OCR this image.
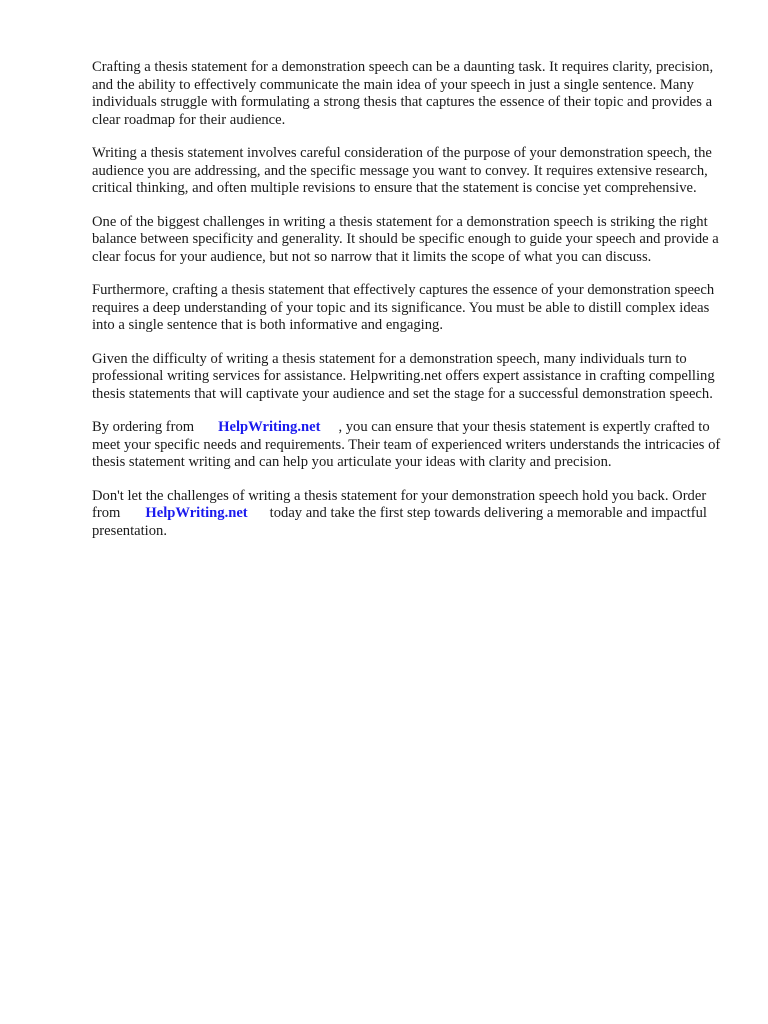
Crafting a thesis statement for a demonstration speech can be a daunting task. It requires clarity, precision, and the ability to effectively communicate the main idea of your speech in just a single sentence. Many individuals struggle with formulating a strong thesis that captures the essence of their topic and provides a clear roadmap for their audience.

Writing a thesis statement involves careful consideration of the purpose of your demonstration speech, the audience you are addressing, and the specific message you want to convey. It requires extensive research, critical thinking, and often multiple revisions to ensure that the statement is concise yet comprehensive.

One of the biggest challenges in writing a thesis statement for a demonstration speech is striking the right balance between specificity and generality. It should be specific enough to guide your speech and provide a clear focus for your audience, but not so narrow that it limits the scope of what you can discuss.

Furthermore, crafting a thesis statement that effectively captures the essence of your demonstration speech requires a deep understanding of your topic and its significance. You must be able to distill complex ideas into a single sentence that is both informative and engaging.

Given the difficulty of writing a thesis statement for a demonstration speech, many individuals turn to professional writing services for assistance. Helpwriting.net offers expert assistance in crafting compelling thesis statements that will captivate your audience and set the stage for a successful demonstration speech.

By ordering from HelpWriting.net , you can ensure that your thesis statement is expertly crafted to meet your specific needs and requirements. Their team of experienced writers understands the intricacies of thesis statement writing and can help you articulate your ideas with clarity and precision.

Don't let the challenges of writing a thesis statement for your demonstration speech hold you back. Order from HelpWriting.net today and take the first step towards delivering a memorable and impactful presentation.
